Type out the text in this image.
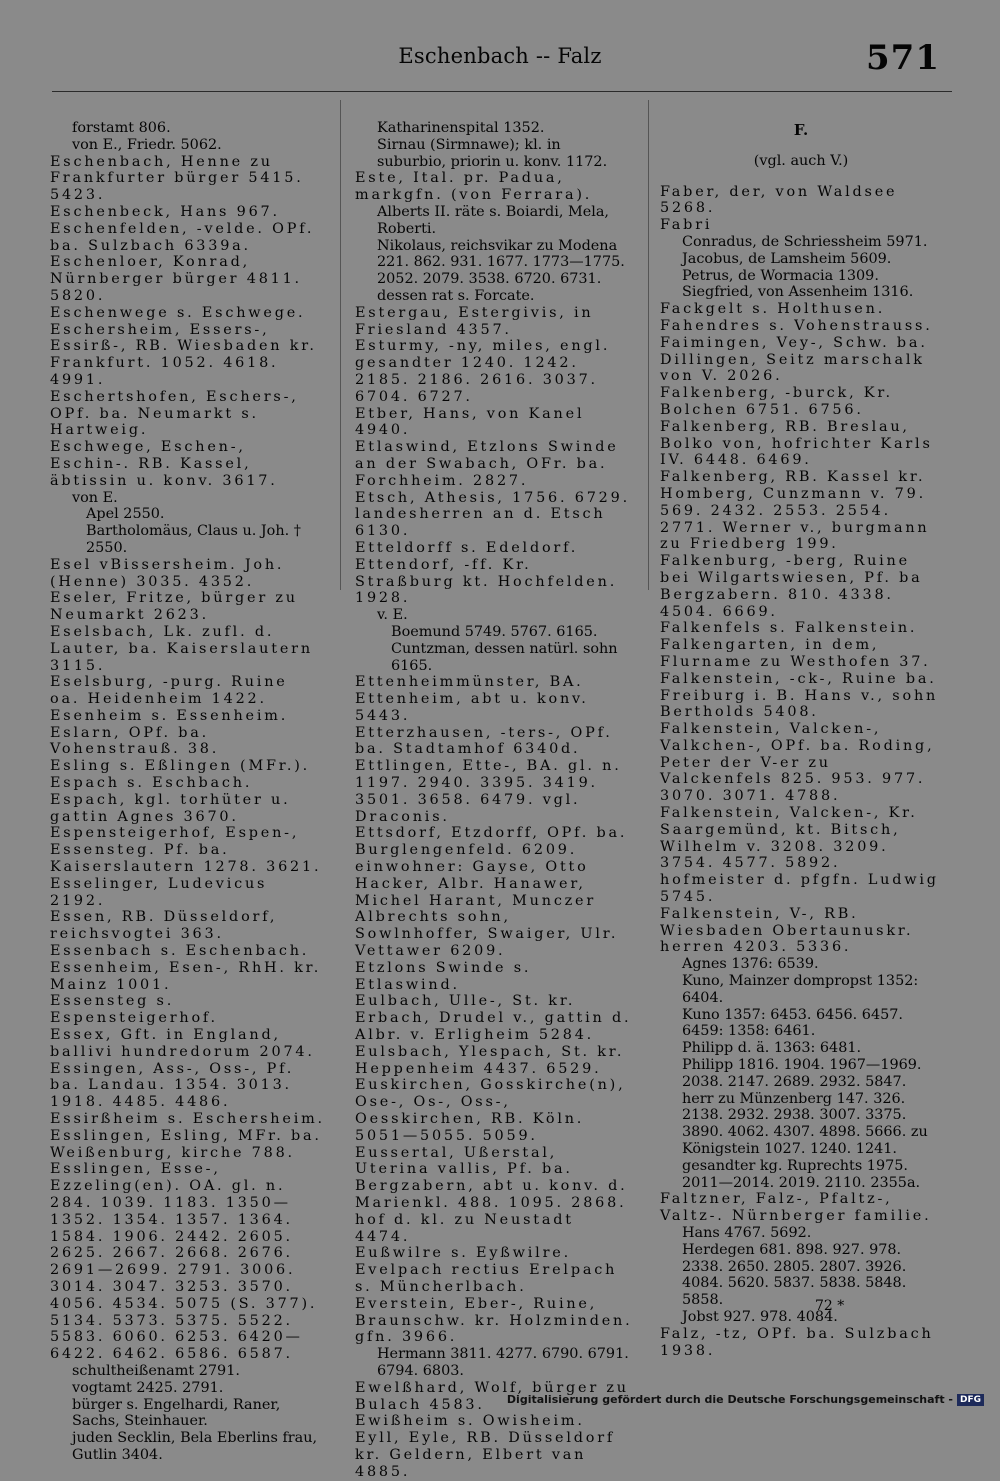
Eschenbach -- Falz	571
forstamt 806.
von E., Friedr. 5062.
Eschenbach, Henne zu Frankfurter bürger 5415. 5423.
Eschenbeck, Hans 967.
Eschenfelden, -velde. OPf. ba. Sulzbach 6339a.
Eschenloer, Konrad, Nürnberger bürger 4811. 5820.
Eschenwege s. Eschwege.
Eschersheim, Essers-, Essirß-, RB. Wiesbaden kr. Frankfurt. 1052. 4618. 4991.
Eschertshofen, Eschers-, OPf. ba. Neumarkt s. Hartweig.
Eschwege, Eschen-, Eschin-. RB. Kassel, äbtissin u. konv. 3617.
von E.
Apel 2550.
Bartholomäus, Claus u. Joh. † 2550.
Esel vBissersheim. Joh. (Henne) 3035. 4352.
Eseler, Fritze, bürger zu Neumarkt 2623.
Eselsbach, Lk. zufl. d. Lauter, ba. Kaiserslautern 3115.
Eselsburg, -purg. Ruine oa. Heidenheim 1422.
Esenheim s. Essenheim.
Eslarn, OPf. ba. Vohenstrauß. 38.
Esling s. Eßlingen (MFr.).
Espach s. Eschbach.
Espach, kgl. torhüter u. gattin Agnes 3670.
Espensteigerhof, Espen-, Essensteg. Pf. ba. Kaiserslautern 1278. 3621.
Esselinger, Ludevicus 2192.
Essen, RB. Düsseldorf, reichsvogtei 363.
Essenbach s. Eschenbach.
Essenheim, Esen-, RhH. kr. Mainz 1001.
Essensteg s. Espensteigerhof.
Essex, Gft. in England, ballivi hundredorum 2074.
Essingen, Ass-, Oss-, Pf. ba. Landau. 1354. 3013. 1918. 4485. 4486.
Essirßheim s. Eschersheim.
Esslingen, Esling, MFr. ba. Weißenburg, kirche 788.
Esslingen, Esse-, Ezzeling(en). OA. gl. n. 284. 1039. 1183. 1350—1352. 1354. 1357. 1364. 1584. 1906. 2442. 2605. 2625. 2667. 2668. 2676. 2691—2699. 2791. 3006. 3014. 3047. 3253. 3570. 4056. 4534. 5075 (S. 377). 5134. 5373. 5375. 5522. 5583. 6060. 6253. 6420—6422. 6462. 6586. 6587.
schultheißenamt 2791.
vogtamt 2425. 2791.
bürger s. Engelhardi, Raner, Sachs, Steinhauer.
juden Secklin, Bela Eberlins frau, Gutlin 3404.
Katharinenspital 1352.
Sirnau (Sirmnawe); kl. in suburbio, priorin u. konv. 1172.
Este, Ital. pr. Padua, markgfn. (von Ferrara).
Alberts II. räte s. Boiardi, Mela, Roberti.
Nikolaus, reichsvikar zu Modena 221. 862. 931. 1677. 1773—1775. 2052. 2079. 3538. 6720. 6731. dessen rat s. Forcate.
Estergau, Estergivis, in Friesland 4357.
Esturmy, -ny, miles, engl. gesandter 1240. 1242. 2185. 2186. 2616. 3037. 6704. 6727.
Etber, Hans, von Kanel 4940.
Etlaswind, Etzlons Swinde an der Swabach, OFr. ba. Forchheim. 2827.
Etsch, Athesis, 1756. 6729. landesherren an d. Etsch 6130.
Etteldorff s. Edeldorf.
Ettendorf, -ff. Kr. Straßburg kt. Hochfelden. 1928.
v. E.
Boemund 5749. 5767. 6165.
Cuntzman, dessen natürl. sohn 6165.
Ettenheimmünster, BA. Ettenheim, abt u. konv. 5443.
Etterzhausen, -ters-, OPf. ba. Stadtamhof 6340d.
Ettlingen, Ette-, BA. gl. n. 1197. 2940. 3395. 3419. 3501. 3658. 6479. vgl. Draconis.
Ettsdorf, Etzdorff, OPf. ba. Burglengenfeld. 6209. einwohner: Gayse, Otto Hacker, Albr. Hanawer, Michel Harant, Munczer Albrechts sohn, Sowlnhoffer, Swaiger, Ulr. Vettawer 6209.
Etzlons Swinde s. Etlaswind.
Eulbach, Ulle-, St. kr. Erbach, Drudel v., gattin d. Albr. v. Erligheim 5284.
Eulsbach, Ylespach, St. kr. Heppenheim 4437. 6529.
Euskirchen, Gosskirche(n), Ose-, Os-, Oss-, Oesskirchen, RB. Köln. 5051—5055. 5059.
Eussertal, Ußerstal, Uterina vallis, Pf. ba. Bergzabern, abt u. konv. d. Marienkl. 488. 1095. 2868. hof d. kl. zu Neustadt 4474.
Eußwilre s. Eyßwilre.
Evelpach rectius Erelpach s. Müncherlbach.
Everstein, Eber-, Ruine, Braunschw. kr. Holzminden. gfn. 3966.
Hermann 3811. 4277. 6790. 6791. 6794. 6803.
Ewelßhard, Wolf, bürger zu Bulach 4583.
Ewißheim s. Owisheim.
Eyll, Eyle, RB. Düsseldorf kr. Geldern, Elbert van 4885.
F.
(vgl. auch V.)
Faber, der, von Waldsee 5268.
Fabri
Conradus, de Schriessheim 5971.
Jacobus, de Lamsheim 5609.
Petrus, de Wormacia 1309.
Siegfried, von Assenheim 1316.
Fackgelt s. Holthusen.
Fahendres s. Vohenstrauss.
Faimingen, Vey-, Schw. ba. Dillingen, Seitz marschalk von V. 2026.
Falkenberg, -burck, Kr. Bolchen 6751. 6756.
Falkenberg, RB. Breslau, Bolko von, hofrichter Karls IV. 6448. 6469.
Falkenberg, RB. Kassel kr. Homberg, Cunzmann v. 79. 569. 2432. 2553. 2554. 2771. Werner v., burgmann zu Friedberg 199.
Falkenburg, -berg, Ruine bei Wilgartswiesen, Pf. ba Bergzabern. 810. 4338. 4504. 6669.
Falkenfels s. Falkenstein.
Falkengarten, in dem, Flurname zu Westhofen 37.
Falkenstein, -ck-, Ruine ba. Freiburg i. B. Hans v., sohn Bertholds 5408.
Falkenstein, Valcken-, Valkchen-, OPf. ba. Roding, Peter der V-er zu Valckenfels 825. 953. 977. 3070. 3071. 4788.
Falkenstein, Valcken-, Kr. Saargemünd, kt. Bitsch, Wilhelm v. 3208. 3209. 3754. 4577. 5892. hofmeister d. pfgfn. Ludwig 5745.
Falkenstein, V-, RB. Wiesbaden Obertaunuskr. herren 4203. 5336.
Agnes 1376: 6539.
Kuno, Mainzer dompropst 1352: 6404.
Kuno 1357: 6453. 6456. 6457. 6459: 1358: 6461.
Philipp d. ä. 1363: 6481.
Philipp 1816. 1904. 1967—1969. 2038. 2147. 2689. 2932. 5847. herr zu Münzenberg 147. 326. 2138. 2932. 2938. 3007. 3375. 3890. 4062. 4307. 4898. 5666. zu Königstein 1027. 1240. 1241. gesandter kg. Ruprechts 1975. 2011—2014. 2019. 2110. 2355a.
Faltzner, Falz-, Pfaltz-, Valtz-. Nürnberger familie.
Hans 4767. 5692.
Herdegen 681. 898. 927. 978. 2338. 2650. 2805. 2807. 3926. 4084. 5620. 5837. 5838. 5848. 5858.
Jobst 927. 978. 4084.
Falz, -tz, OPf. ba. Sulzbach 1938.
72 *
Digitalisierung gefördert durch die Deutsche Forschungsgemeinschaft - DFG
